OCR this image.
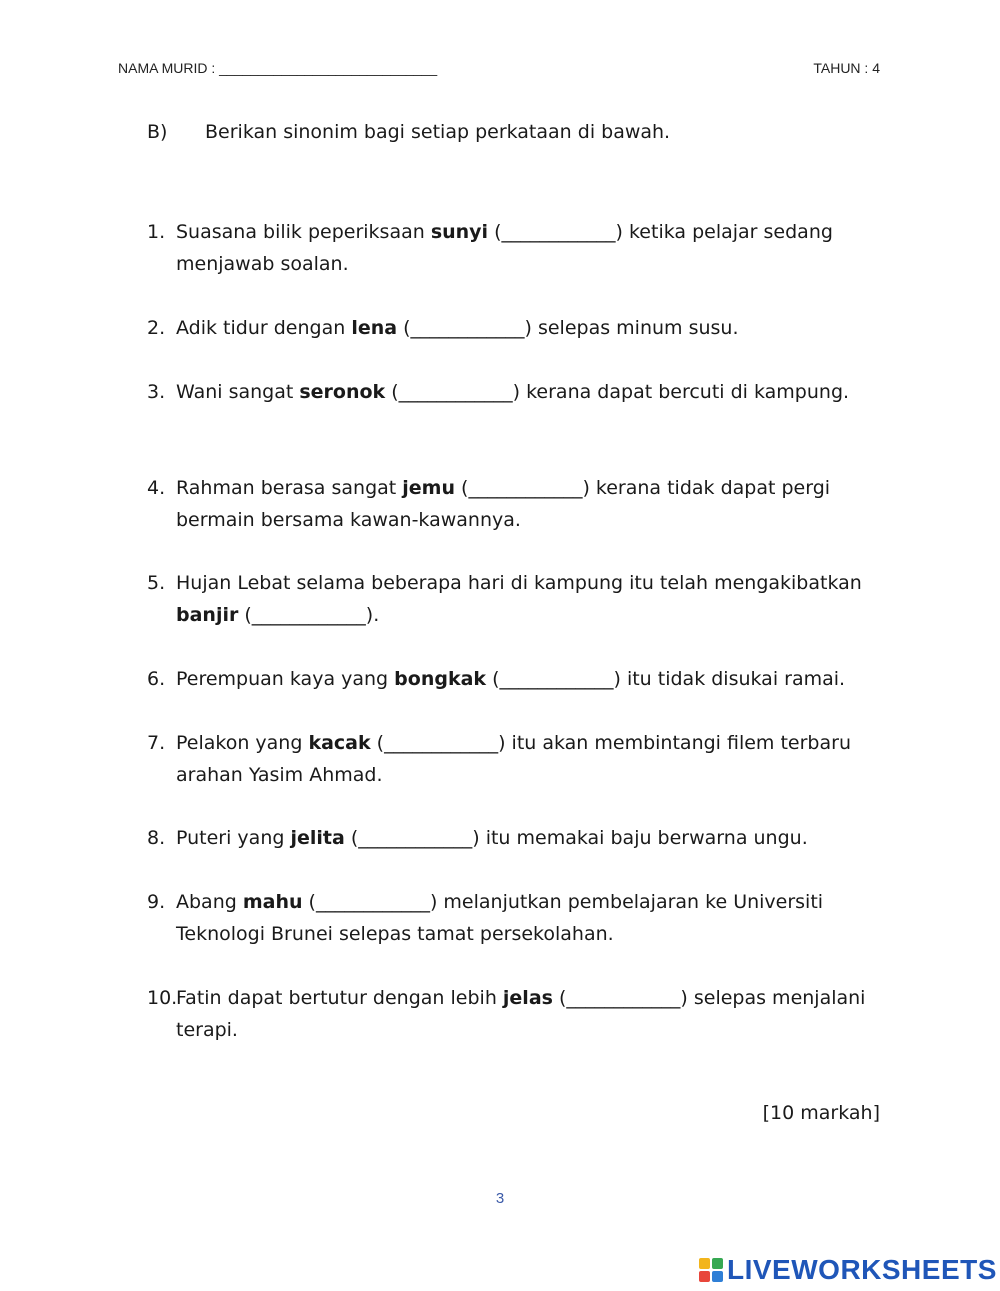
NAMA MURID : ____________________________	TAHUN : 4
B) Berikan sinonim bagi setiap perkataan di bawah.
1. Suasana bilik peperiksaan sunyi (____________) ketika pelajar sedang menjawab soalan.
2. Adik tidur dengan lena (____________) selepas minum susu.
3. Wani sangat seronok (____________) kerana dapat bercuti di kampung.
4. Rahman berasa sangat jemu (____________) kerana tidak dapat pergi bermain bersama kawan-kawannya.
5. Hujan Lebat selama beberapa hari di kampung itu telah mengakibatkan banjir (____________).
6. Perempuan kaya yang bongkak (____________) itu tidak disukai ramai.
7. Pelakon yang kacak (____________) itu akan membintangi filem terbaru arahan Yasim Ahmad.
8. Puteri yang jelita (____________) itu memakai baju berwarna ungu.
9. Abang mahu (____________) melanjutkan pembelajaran ke Universiti Teknologi Brunei selepas tamat persekolahan.
10.
Fatin dapat bertutur dengan lebih jelas (____________) selepas menjalani terapi.
[10 markah]
3
LIVEWORKSHEETS
